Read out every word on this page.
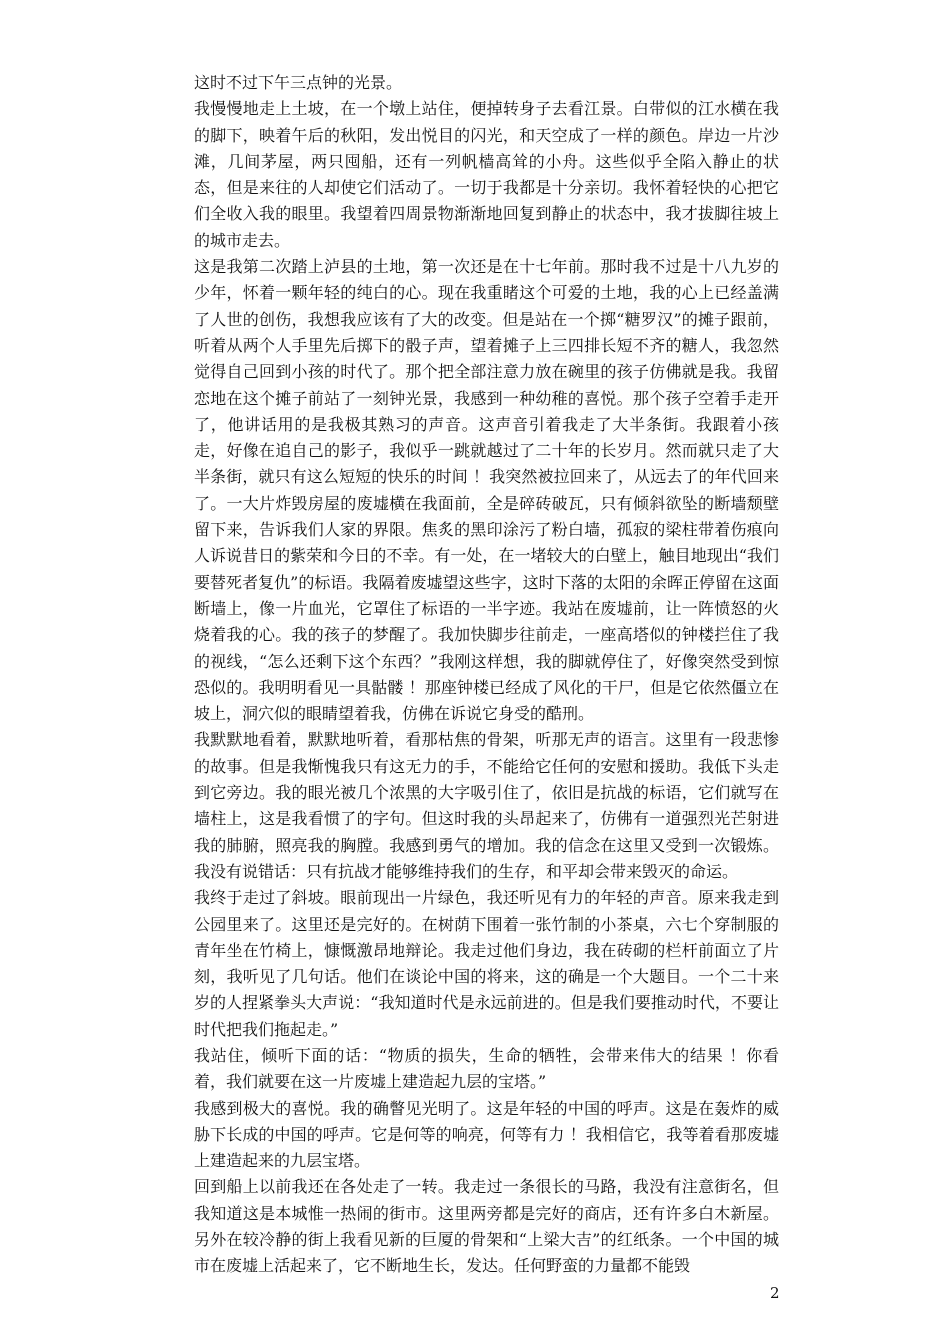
这时不过下午三点钟的光景。

我慢慢地走上土坡，在一个墩上站住，便掉转身子去看江景。白带似的江水横在我的脚下，映着午后的秋阳，发出悦目的闪光，和天空成了一样的颜色。岸边一片沙滩，几间茅屋，两只囤船，还有一列帆樯高耸的小舟。这些似乎全陷入静止的状态，但是来往的人却使它们活动了。一切于我都是十分亲切。我怀着轻快的心把它们全收入我的眼里。我望着四周景物渐渐地回复到静止的状态中，我才拔脚往坡上的城市走去。

这是我第二次踏上泸县的土地，第一次还是在十七年前。那时我不过是十八九岁的少年，怀着一颗年轻的纯白的心。现在我重睹这个可爱的土地，我的心上已经盖满了人世的创伤，我想我应该有了大的改变。但是站在一个掷“糖罗汉”的摊子跟前，听着从两个人手里先后掷下的骰子声，望着摊子上三四排长短不齐的糖人，我忽然觉得自己回到小孩的时代了。那个把全部注意力放在碗里的孩子仿佛就是我。我留恋地在这个摊子前站了一刻钟光景，我感到一种幼稚的喜悦。那个孩子空着手走开了，他讲话用的是我极其熟习的声音。这声音引着我走了大半条街。我跟着小孩走，好像在追自己的影子，我似乎一跳就越过了二十年的长岁月。然而就只走了大半条街，就只有这么短短的快乐的时间 ！我突然被拉回来了，从远去了的年代回来了。一大片炸毁房屋的废墟横在我面前，全是碎砖破瓦，只有倾斜欲坠的断墙颓壁留下来，告诉我们人家的界限。焦炙的黑印涂污了粉白墙，孤寂的梁柱带着伤痕向人诉说昔日的紫荣和今日的不幸。有一处，在一堵较大的白壁上，触目地现出“我们要替死者复仇”的标语。我隔着废墟望这些字，这时下落的太阳的余晖正停留在这面断墙上，像一片血光，它罩住了标语的一半字迹。我站在废墟前，让一阵愤怒的火烧着我的心。我的孩子的梦醒了。我加快脚步往前走，一座高塔似的钟楼拦住了我的视线，“怎么还剩下这个东西？”我刚这样想，我的脚就停住了，好像突然受到惊恐似的。我明明看见一具骷髅 ！那座钟楼已经成了风化的干尸，但是它依然僵立在坡上，洞穴似的眼睛望着我，仿佛在诉说它身受的酷刑。

我默默地看着，默默地听着，看那枯焦的骨架，听那无声的语言。这里有一段悲惨的故事。但是我惭愧我只有这无力的手，不能给它任何的安慰和援助。我低下头走到它旁边。我的眼光被几个浓黑的大字吸引住了，依旧是抗战的标语，它们就写在墙柱上，这是我看惯了的字句。但这时我的头昂起来了，仿佛有一道强烈光芒射进我的肺腑，照亮我的胸膛。我感到勇气的增加。我的信念在这里又受到一次锻炼。我没有说错话：只有抗战才能够维持我们的生存，和平却会带来毁灭的命运。

我终于走过了斜坡。眼前现出一片绿色，我还听见有力的年轻的声音。原来我走到公园里来了。这里还是完好的。在树荫下围着一张竹制的小茶桌，六七个穿制服的青年坐在竹椅上，慷慨激昂地辩论。我走过他们身边，我在砖砌的栏杆前面立了片刻，我听见了几句话。他们在谈论中国的将来，这的确是一个大题目。一个二十来岁的人捏紧拳头大声说：“我知道时代是永远前进的。但是我们要推动时代，不要让时代把我们拖起走。”

我站住，倾听下面的话：“物质的损失，生命的牺牲，会带来伟大的结果 ！你看着，我们就要在这一片废墟上建造起九层的宝塔。”

我感到极大的喜悦。我的确瞥见光明了。这是年轻的中国的呼声。这是在轰炸的威胁下长成的中国的呼声。它是何等的响亮，何等有力 ！我相信它，我等着看那废墟上建造起来的九层宝塔。

回到船上以前我还在各处走了一转。我走过一条很长的马路，我没有注意街名，但我知道这是本城惟一热闹的街市。这里两旁都是完好的商店，还有许多白木新屋。另外在较冷静的街上我看见新的巨厦的骨架和“上梁大吉”的红纸条。一个中国的城市在废墟上活起来了，它不断地生长，发达。任何野蛮的力量都不能毁

2
